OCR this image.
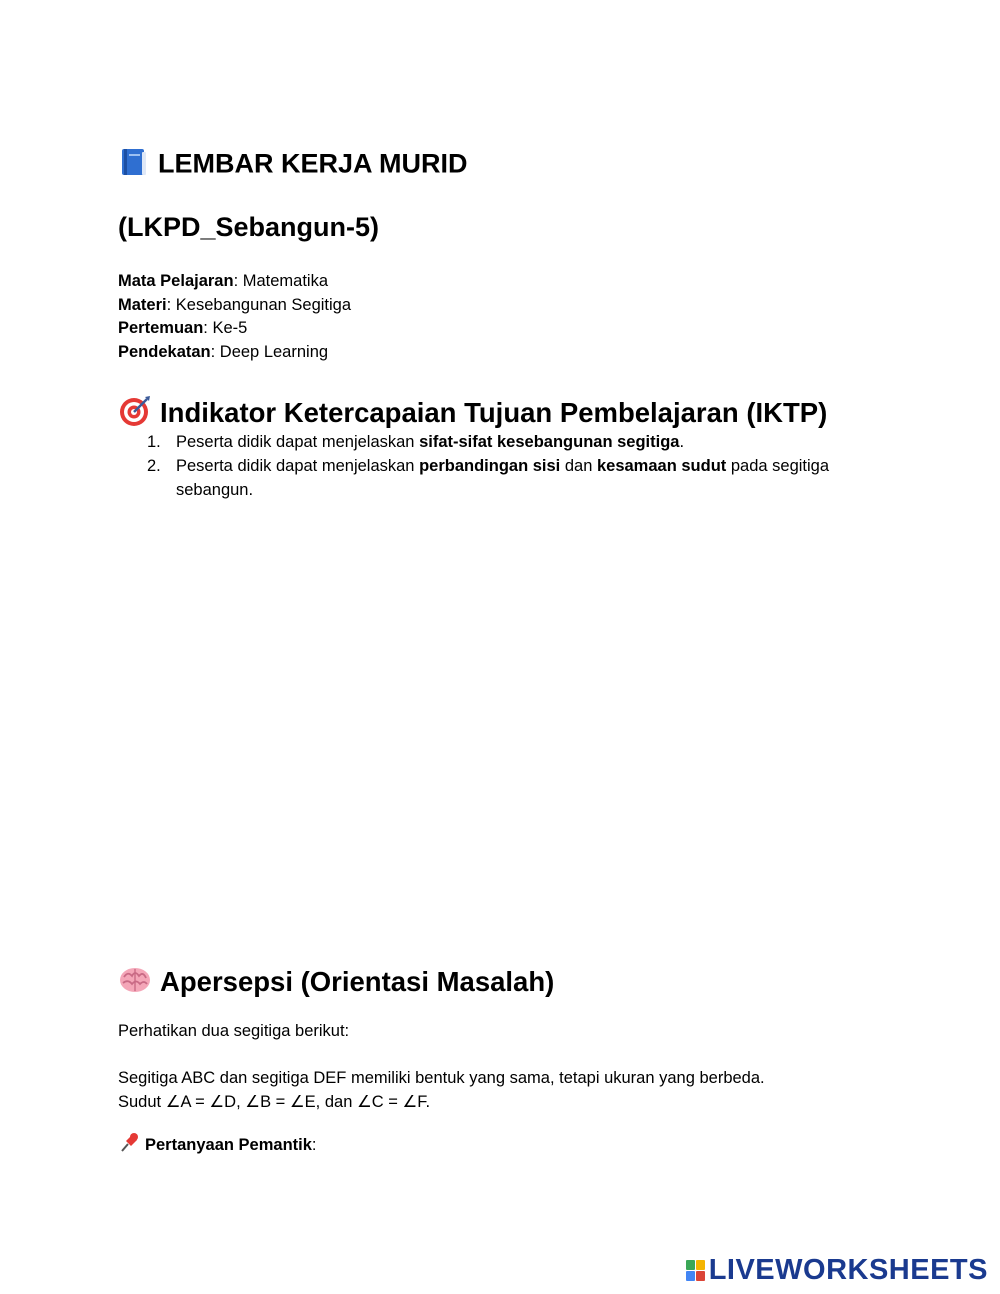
LEMBAR KERJA MURID
(LKPD_Sebangun-5)
Mata Pelajaran: Matematika
Materi: Kesebangunan Segitiga
Pertemuan: Ke-5
Pendekatan: Deep Learning
Indikator Ketercapaian Tujuan Pembelajaran (IKTP)
1. Peserta didik dapat menjelaskan sifat-sifat kesebangunan segitiga.
2. Peserta didik dapat menjelaskan perbandingan sisi dan kesamaan sudut pada segitiga sebangun.
Apersepsi (Orientasi Masalah)
Perhatikan dua segitiga berikut:
Segitiga ABC dan segitiga DEF memiliki bentuk yang sama, tetapi ukuran yang berbeda.
Sudut ∠A = ∠D, ∠B = ∠E, dan ∠C = ∠F.
Pertanyaan Pemantik:
LIVEWORKSHEETS
